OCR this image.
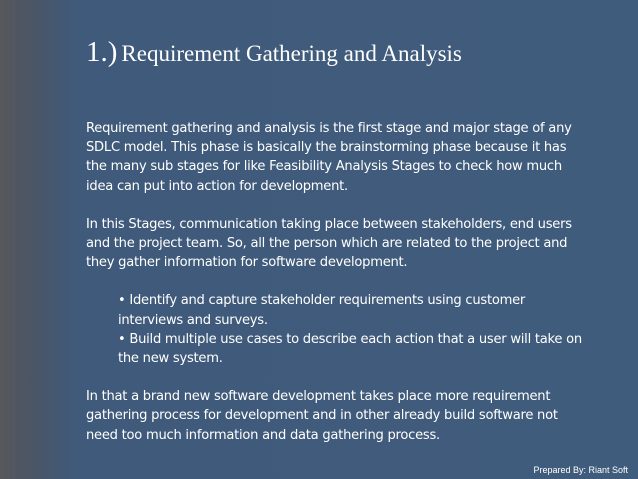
1.) Requirement Gathering and Analysis

Requirement gathering and analysis is the first stage and major stage of any SDLC model. This phase is basically the brainstorming phase because it has the many sub stages for like Feasibility Analysis Stages to check how much idea can put into action for development.

In this Stages, communication taking place between stakeholders, end users and the project team. So, all the person which are related to the project and they gather information for software development.

• Identify and capture stakeholder requirements using customer interviews and surveys.
• Build multiple use cases to describe each action that a user will take on the new system.

In that a brand new software development takes place more requirement gathering process for development and in other already build software not need too much information and data gathering process.

Prepared By: Riant Soft
